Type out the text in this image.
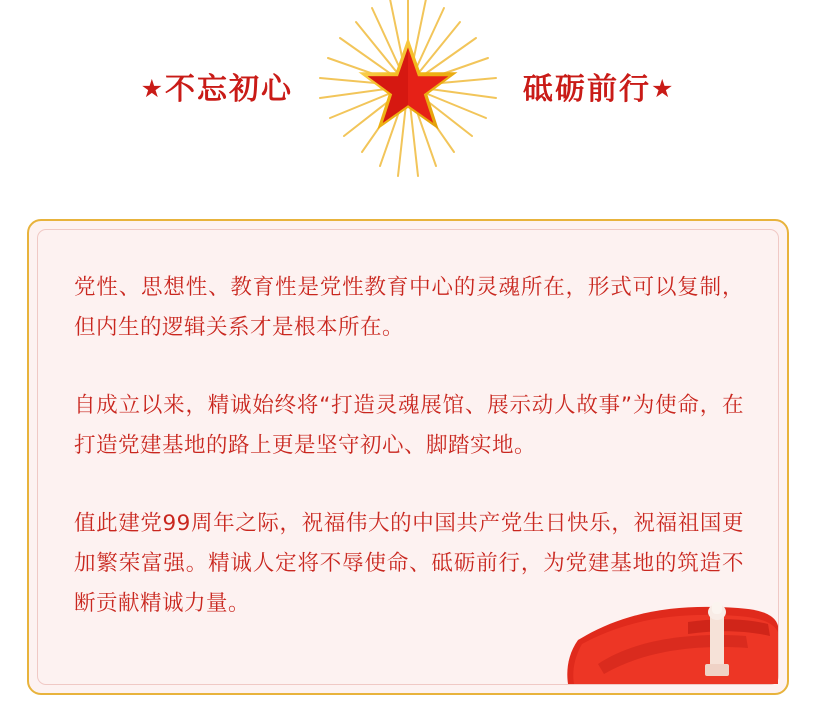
★不忘初心	砥砺前行★

党性、思想性、教育性是党性教育中心的灵魂所在，形式可以复制，但内生的逻辑关系才是根本所在。

自成立以来，精诚始终将“打造灵魂展馆、展示动人故事”为使命，在打造党建基地的路上更是坚守初心、脚踏实地。

值此建党99周年之际，祝福伟大的中国共产党生日快乐，祝福祖国更加繁荣富强。精诚人定将不辱使命、砥砺前行，为党建基地的筑造不断贡献精诚力量。
